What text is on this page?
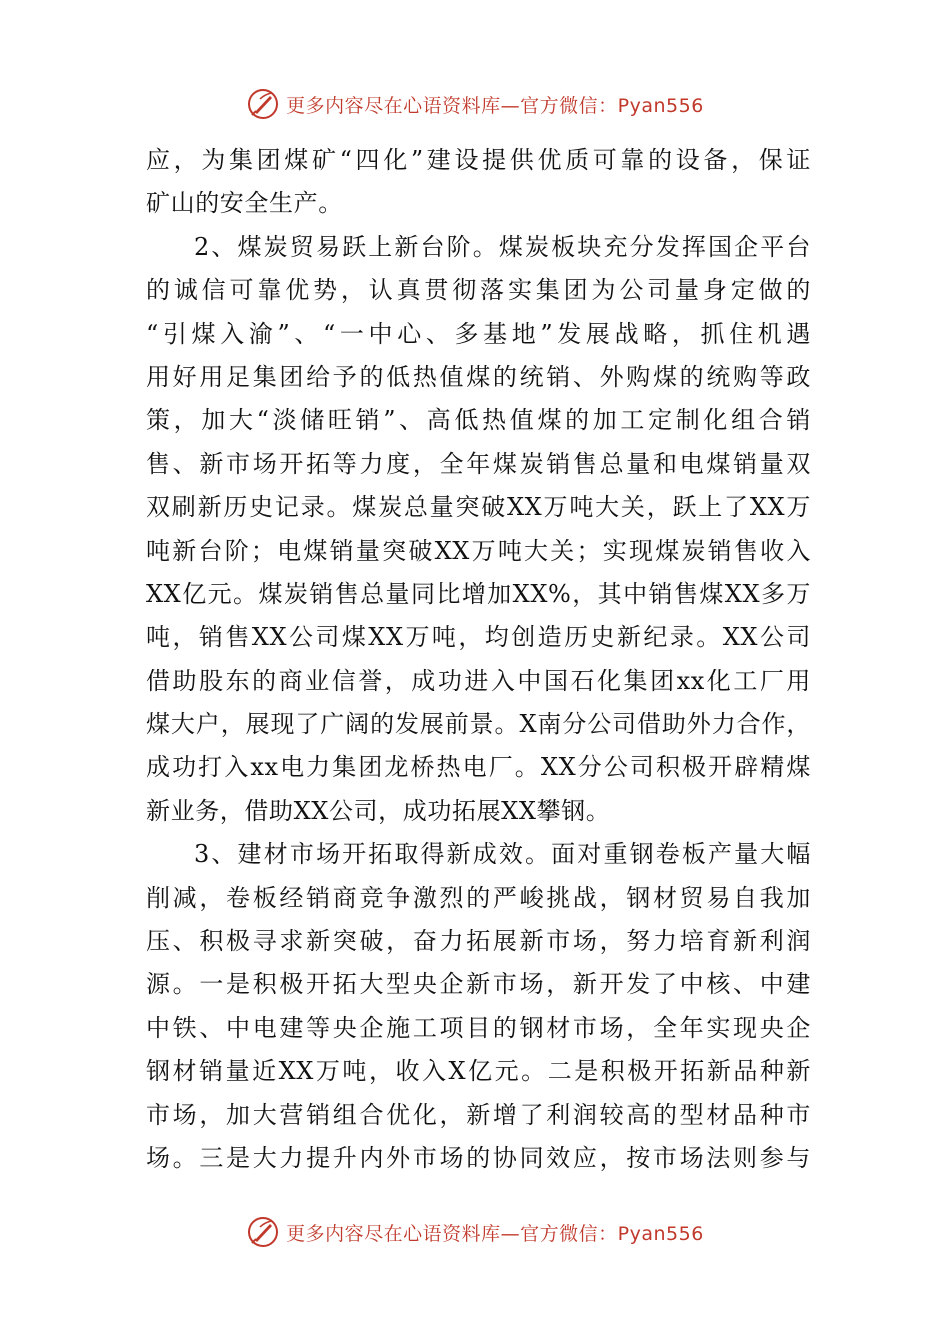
更多内容尽在心语资料库—官方微信：Pyan556
应，为集团煤矿“四化”建设提供优质可靠的设备，保证
矿山的安全生产。
2、煤炭贸易跃上新台阶。煤炭板块充分发挥国企平台
的诚信可靠优势，认真贯彻落实集团为公司量身定做的
“引煤入渝”、“一中心、多基地”发展战略，抓住机遇
用好用足集团给予的低热值煤的统销、外购煤的统购等政
策，加大“淡储旺销”、高低热值煤的加工定制化组合销
售、新市场开拓等力度，全年煤炭销售总量和电煤销量双
双刷新历史记录。煤炭总量突破XX万吨大关，跃上了XX万
吨新台阶；电煤销量突破XX万吨大关；实现煤炭销售收入
XX亿元。煤炭销售总量同比增加XX%，其中销售煤XX多万
吨，销售XX公司煤XX万吨，均创造历史新纪录。XX公司
借助股东的商业信誉，成功进入中国石化集团xx化工厂用
煤大户，展现了广阔的发展前景。X南分公司借助外力合作，
成功打入xx电力集团龙桥热电厂。XX分公司积极开辟精煤
新业务，借助XX公司，成功拓展XX攀钢。
3、建材市场开拓取得新成效。面对重钢卷板产量大幅
削减，卷板经销商竞争激烈的严峻挑战，钢材贸易自我加
压、积极寻求新突破，奋力拓展新市场，努力培育新利润
源。一是积极开拓大型央企新市场，新开发了中核、中建
中铁、中电建等央企施工项目的钢材市场，全年实现央企
钢材销量近XX万吨，收入X亿元。二是积极开拓新品种新
市场，加大营销组合优化，新增了利润较高的型材品种市
场。三是大力提升内外市场的协同效应，按市场法则参与
更多内容尽在心语资料库—官方微信：Pyan556
